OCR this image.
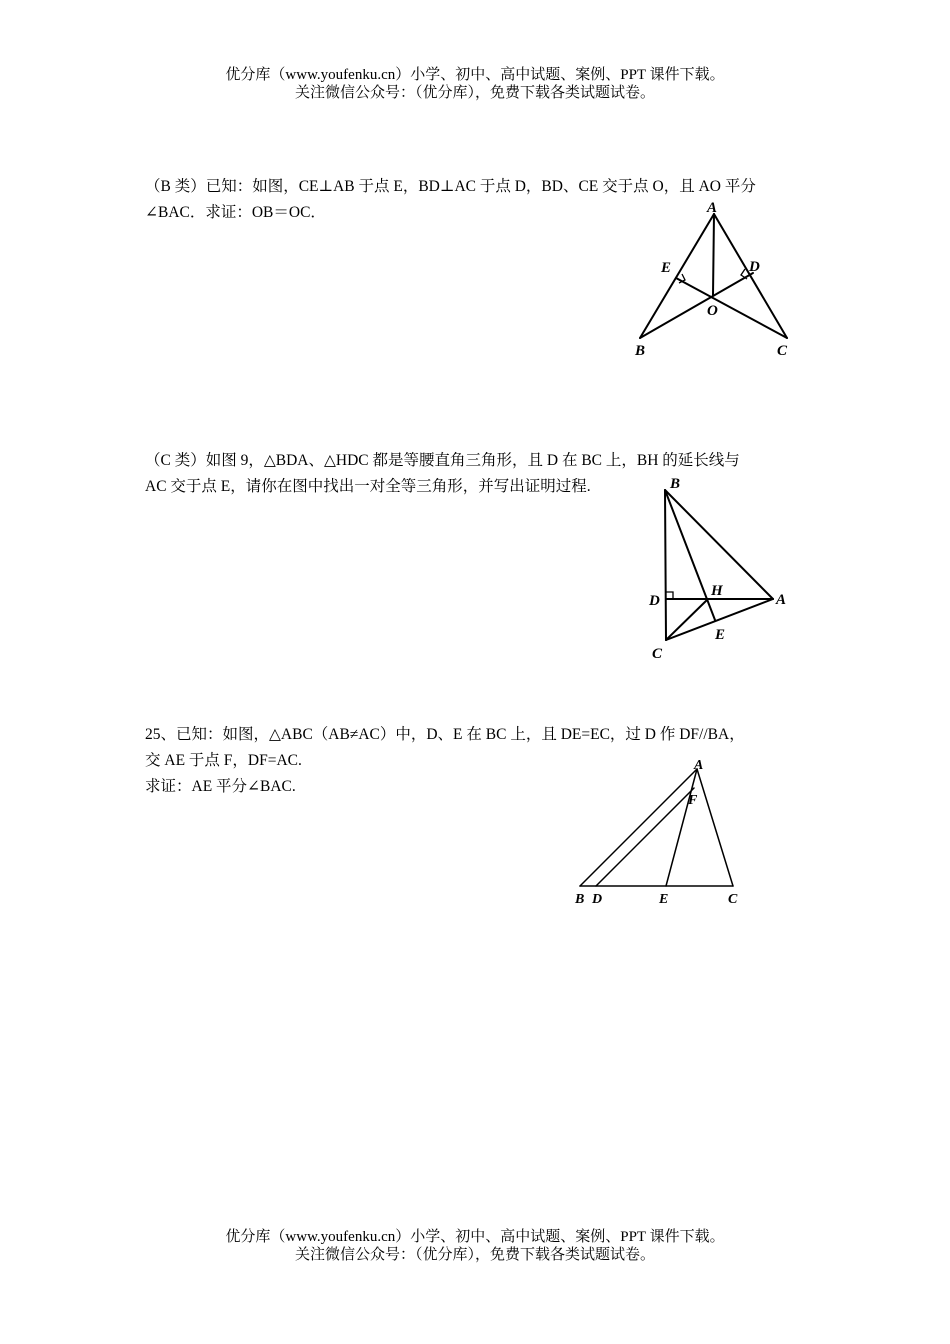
优分库（www.youfenku.cn）小学、初中、高中试题、案例、PPT 课件下载。
关注微信公众号：（优分库），免费下载各类试题试卷。
（B 类）已知：如图，CE⊥AB 于点 E，BD⊥AC 于点 D，BD、CE 交于点 O，且 AO 平分
∠BAC．求证：OB＝OC．	A
E	D
O
B	C
（C 类）如图 9，△BDA、△HDC 都是等腰直角三角形，且 D 在 BC 上，BH 的延长线与
AC 交于点 E，请你在图中找出一对全等三角形，并写出证明过程.	B
H
D	A
E
C
25、已知：如图，△ABC（AB≠AC）中，D、E 在 BC 上，且 DE=EC，过 D 作 DF//BA，
交 AE 于点 F，DF=AC.
求证：AE 平分∠BAC.
A
F
B D	E	C
优分库（www.youfenku.cn）小学、初中、高中试题、案例、PPT 课件下载。
关注微信公众号：（优分库），免费下载各类试题试卷。
